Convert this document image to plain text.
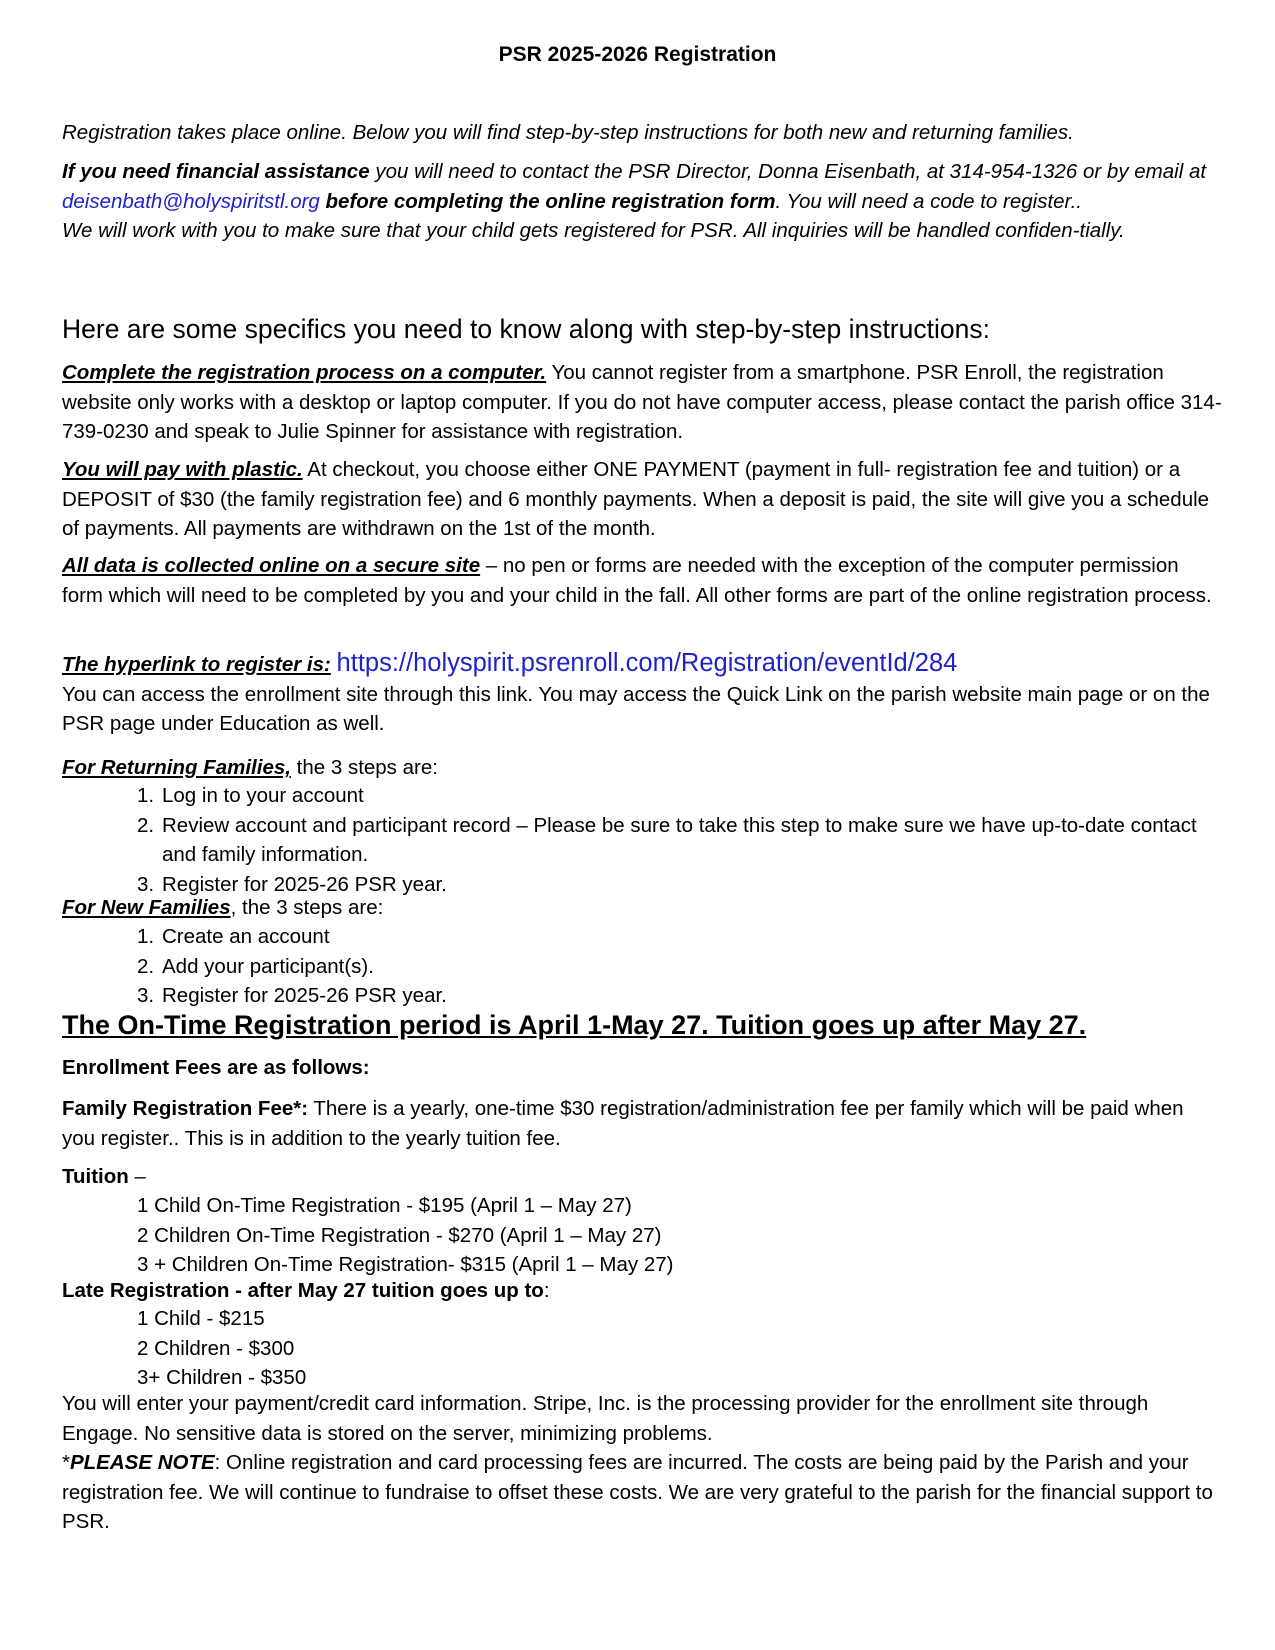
PSR 2025-2026 Registration

Registration takes place online. Below you will find step-by-step instructions for both new and returning families.

If you need financial assistance you will need to contact the PSR Director, Donna Eisenbath, at 314-954-1326 or by email at deisenbath@holyspiritstl.org before completing the online registration form. You will need a code to register..
We will work with you to make sure that your child gets registered for PSR. All inquiries will be handled confiden-tially.

Here are some specifics you need to know along with step-by-step instructions:

Complete the registration process on a computer. You cannot register from a smartphone. PSR Enroll, the registration website only works with a desktop or laptop computer. If you do not have computer access, please contact the parish office 314-739-0230 and speak to Julie Spinner for assistance with registration.

You will pay with plastic. At checkout, you choose either ONE PAYMENT (payment in full- registration fee and tuition) or a DEPOSIT of $30 (the family registration fee) and 6 monthly payments. When a deposit is paid, the site will give you a schedule of payments. All payments are withdrawn on the 1st of the month.

All data is collected online on a secure site – no pen or forms are needed with the exception of the computer permission form which will need to be completed by you and your child in the fall. All other forms are part of the online registration process.

The hyperlink to register is: https://holyspirit.psrenroll.com/Registration/eventId/284
You can access the enrollment site through this link. You may access the Quick Link on the parish website main page or on the PSR page under Education as well.

For Returning Families, the 3 steps are:

1. Log in to your account
2. Review account and participant record – Please be sure to take this step to make sure we have up-to-date contact and family information.
3. Register for 2025-26 PSR year.

For New Families, the 3 steps are:

1. Create an account
2. Add your participant(s).
3. Register for 2025-26 PSR year.

The On-Time Registration period is April 1-May 27. Tuition goes up after May 27.

Enrollment Fees are as follows:

Family Registration Fee*: There is a yearly, one-time $30 registration/administration fee per family which will be paid when you register.. This is in addition to the yearly tuition fee.

Tuition –

1 Child On-Time Registration - $195 (April 1 – May 27)
2 Children On-Time Registration - $270 (April 1 – May 27)
3 + Children On-Time Registration- $315 (April 1 – May 27)

Late Registration - after May 27 tuition goes up to:

1 Child - $215
2 Children - $300
3+ Children - $350

You will enter your payment/credit card information. Stripe, Inc. is the processing provider for the enrollment site through Engage. No sensitive data is stored on the server, minimizing problems.
*PLEASE NOTE: Online registration and card processing fees are incurred. The costs are being paid by the Parish and your registration fee. We will continue to fundraise to offset these costs. We are very grateful to the parish for the financial support to PSR.
